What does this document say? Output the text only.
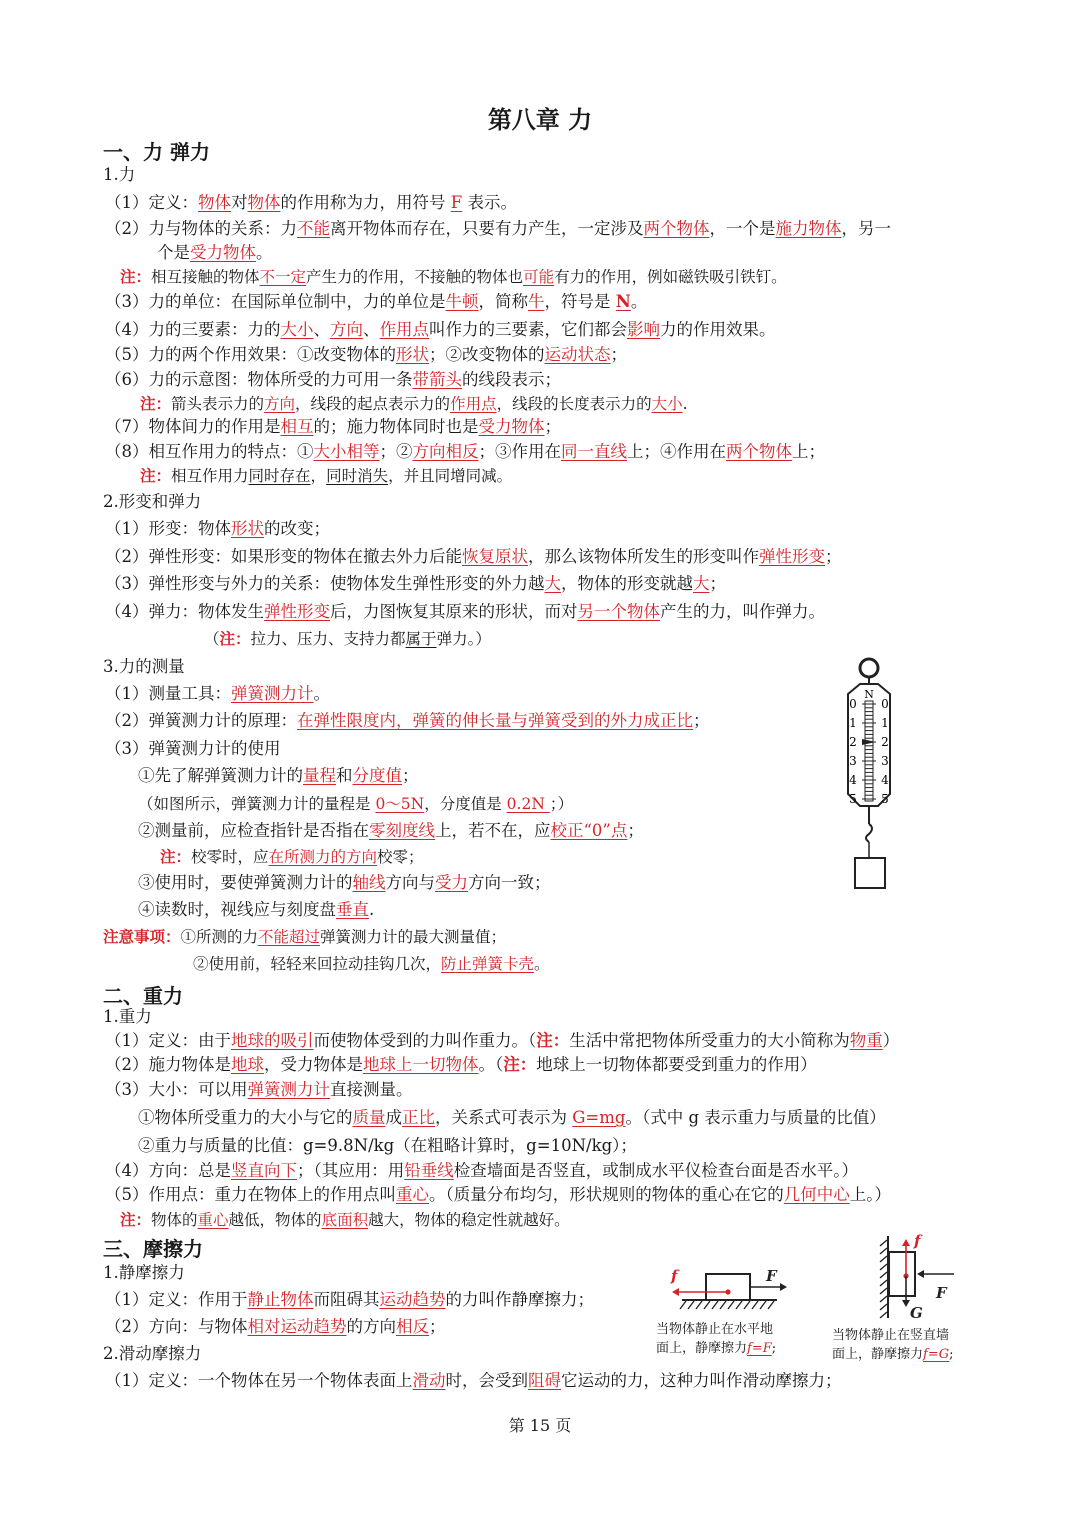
第八章 力
一、力 弹力
1.力
（1）定义：物体对物体的作用称为力，用符号 F 表示。
（2）力与物体的关系：力不能离开物体而存在，只要有力产生，一定涉及两个物体，一个是施力物体，另一
个是受力物体。
注：相互接触的物体不一定产生力的作用，不接触的物体也可能有力的作用，例如磁铁吸引铁钉。
（3）力的单位：在国际单位制中，力的单位是牛顿，简称牛，符号是 N。
（4）力的三要素：力的大小、方向、作用点叫作力的三要素，它们都会影响力的作用效果。
（5）力的两个作用效果：①改变物体的形状；②改变物体的运动状态；
（6）力的示意图：物体所受的力可用一条带箭头的线段表示；
注：箭头表示力的方向，线段的起点表示力的作用点，线段的长度表示力的大小.
（7）物体间力的作用是相互的；施力物体同时也是受力物体；
（8）相互作用力的特点：①大小相等；②方向相反；③作用在同一直线上；④作用在两个物体上；
注：相互作用力同时存在，同时消失，并且同增同减。
2.形变和弹力
（1）形变：物体形状的改变；
（2）弹性形变：如果形变的物体在撤去外力后能恢复原状，那么该物体所发生的形变叫作弹性形变；
（3）弹性形变与外力的关系：使物体发生弹性形变的外力越大，物体的形变就越大；
（4）弹力：物体发生弹性形变后，力图恢复其原来的形状，而对另一个物体产生的力，叫作弹力。
（注：拉力、压力、支持力都属于弹力。）
3.力的测量
（1）测量工具：弹簧测力计。
（2）弹簧测力计的原理：在弹性限度内，弹簧的伸长量与弹簧受到的外力成正比；
（3）弹簧测力计的使用
①先了解弹簧测力计的量程和分度值；
（如图所示，弹簧测力计的量程是 0～5N，分度值是 0.2N ；）
②测量前，应检查指针是否指在零刻度线上，若不在，应校正“0”点；
注：校零时，应在所测力的方向校零；
③使用时，要使弹簧测力计的轴线方向与受力方向一致；
④读数时，视线应与刻度盘垂直.
注意事项：①所测的力不能超过弹簧测力计的最大测量值；
②使用前，轻轻来回拉动挂钩几次，防止弹簧卡壳。
N
0 0
1 1
2 2
3 3
4 4
5 5
二、重力
1.重力
（1）定义：由于地球的吸引而使物体受到的力叫作重力。（注：生活中常把物体所受重力的大小简称为物重）
（2）施力物体是地球，受力物体是地球上一切物体。（注：地球上一切物体都要受到重力的作用）
（3）大小：可以用弹簧测力计直接测量。
①物体所受重力的大小与它的质量成正比，关系式可表示为 G=mg。（式中 g 表示重力与质量的比值）
②重力与质量的比值：g=9.8N/kg（在粗略计算时，g=10N/kg）；
（4）方向：总是竖直向下；（其应用：用铅垂线检查墙面是否竖直，或制成水平仪检查台面是否水平。）
（5）作用点：重力在物体上的作用点叫重心。（质量分布均匀，形状规则的物体的重心在它的几何中心上。）
注：物体的重心越低，物体的底面积越大，物体的稳定性就越好。
三、摩擦力
1.静摩擦力
（1）定义：作用于静止物体而阻碍其运动趋势的力叫作静摩擦力；
（2）方向：与物体相对运动趋势的方向相反；
2.滑动摩擦力
（1）定义：一个物体在另一个物体表面上滑动时，会受到阻碍它运动的力，这种力叫作滑动摩擦力；
f	F
当物体静止在水平地
面上，静摩擦力f=F;
f
F
G
当物体静止在竖直墙
面上，静摩擦力f=G;
第 15 页
